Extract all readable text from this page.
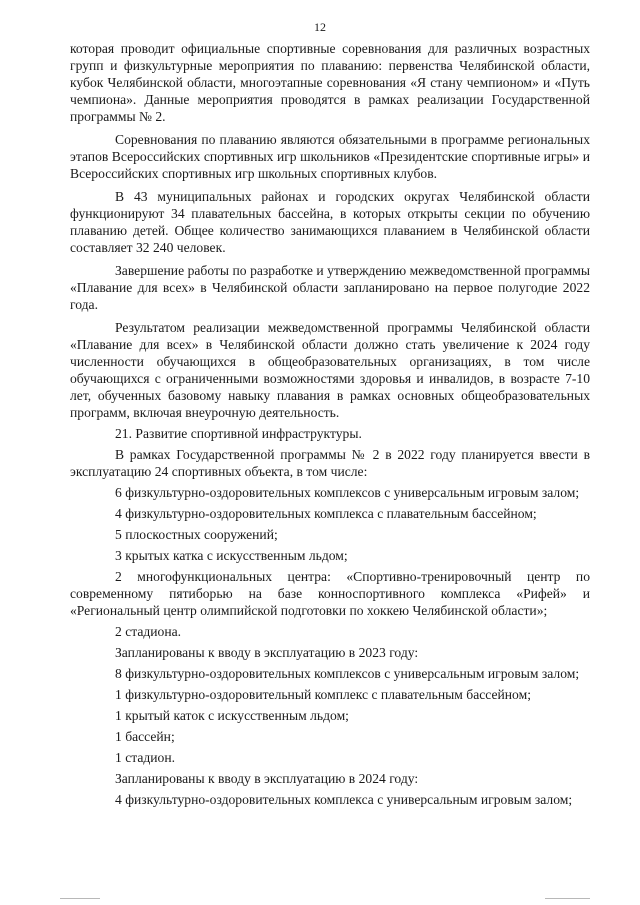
12

которая проводит официальные спортивные соревнования для различных возрастных групп и физкультурные мероприятия по плаванию: первенства Челябинской области, кубок Челябинской области, многоэтапные соревнования «Я стану чемпионом» и «Путь чемпиона». Данные мероприятия проводятся в рамках реализации Государственной программы № 2.

Соревнования по плаванию являются обязательными в программе региональных этапов Всероссийских спортивных игр школьников «Президентские спортивные игры» и Всероссийских спортивных игр школьных спортивных клубов.

В 43 муниципальных районах и городских округах Челябинской области функционируют 34 плавательных бассейна, в которых открыты секции по обучению плаванию детей. Общее количество занимающихся плаванием в Челябинской области составляет 32 240 человек.

Завершение работы по разработке и утверждению межведомственной программы «Плавание для всех» в Челябинской области запланировано на первое полугодие 2022 года.

Результатом реализации межведомственной программы Челябинской области «Плавание для всех» в Челябинской области должно стать увеличение к 2024 году численности обучающихся в общеобразовательных организациях, в том числе обучающихся с ограниченными возможностями здоровья и инвалидов, в возрасте 7-10 лет, обученных базовому навыку плавания в рамках основных общеобразовательных программ, включая внеурочную деятельность.

21. Развитие спортивной инфраструктуры.

В рамках Государственной программы № 2 в 2022 году планируется ввести в эксплуатацию 24 спортивных объекта, в том числе:

6 физкультурно-оздоровительных комплексов с универсальным игровым залом;

4 физкультурно-оздоровительных комплекса с плавательным бассейном;

5 плоскостных сооружений;

3 крытых катка с искусственным льдом;

2 многофункциональных центра: «Спортивно-тренировочный центр по современному пятиборью на базе конноспортивного комплекса «Рифей» и «Региональный центр олимпийской подготовки по хоккею Челябинской области»;

2 стадиона.

Запланированы к вводу в эксплуатацию в 2023 году:

8 физкультурно-оздоровительных комплексов с универсальным игровым залом;

1 физкультурно-оздоровительный комплекс с плавательным бассейном;

1 крытый каток с искусственным льдом;

1 бассейн;

1 стадион.

Запланированы к вводу в эксплуатацию в 2024 году:

4 физкультурно-оздоровительных комплекса с универсальным игровым залом;
